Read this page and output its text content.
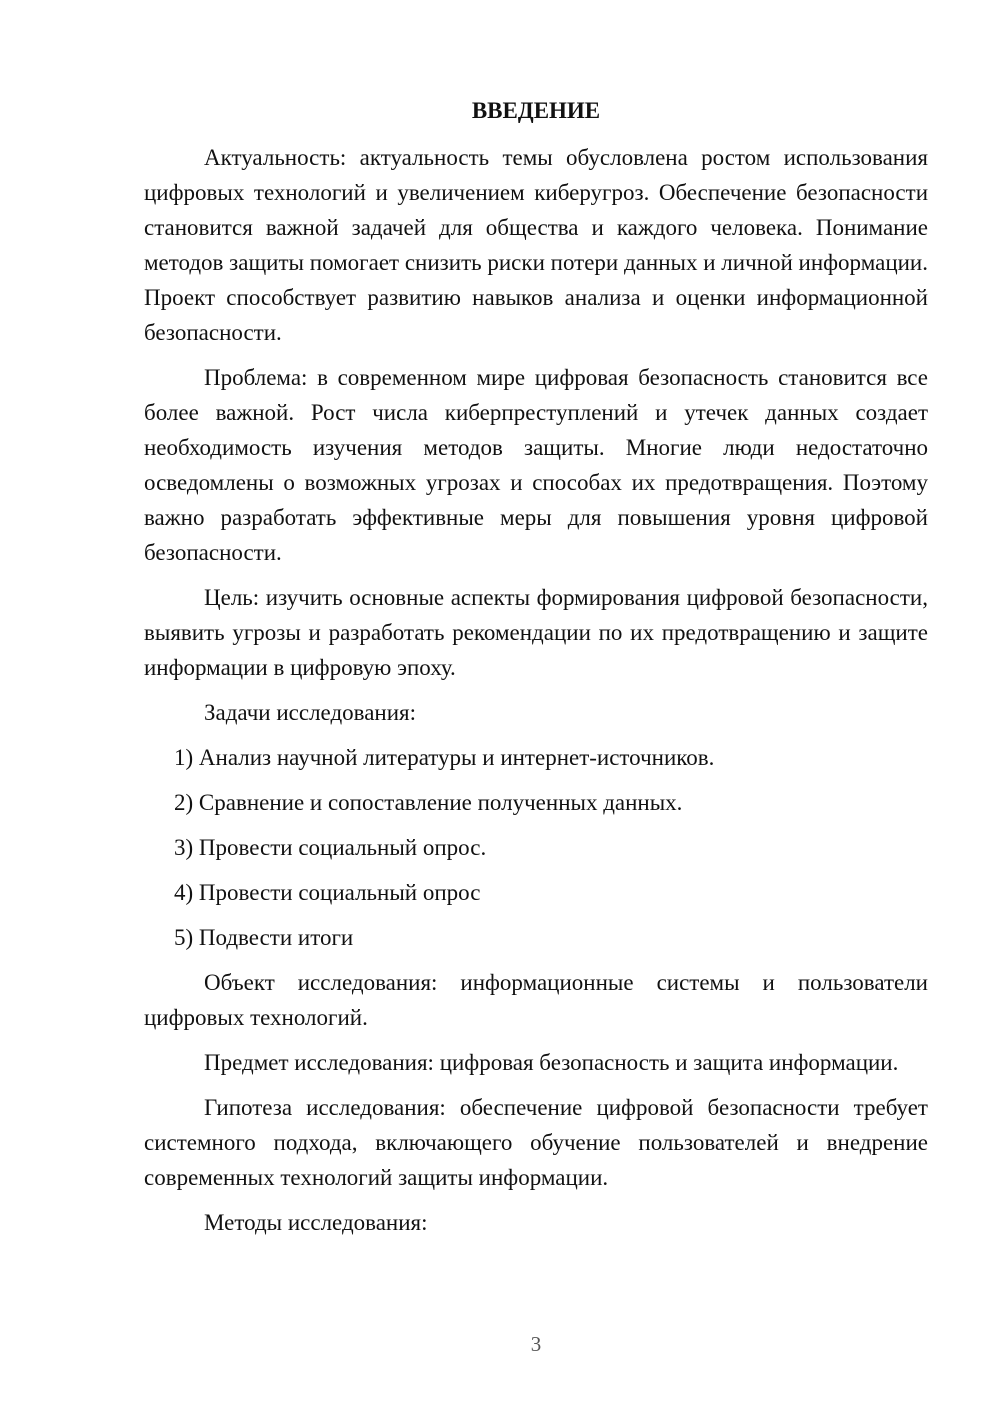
ВВЕДЕНИЕ

Актуальность: актуальность темы обусловлена ростом использования цифровых технологий и увеличением киберугроз. Обеспечение безопасности становится важной задачей для общества и каждого человека. Понимание методов защиты помогает снизить риски потери данных и личной информации. Проект способствует развитию навыков анализа и оценки информационной безопасности.

Проблема: в современном мире цифровая безопасность становится все более важной. Рост числа киберпреступлений и утечек данных создает необходимость изучения методов защиты. Многие люди недостаточно осведомлены о возможных угрозах и способах их предотвращения. Поэтому важно разработать эффективные меры для повышения уровня цифровой безопасности.

Цель: изучить основные аспекты формирования цифровой безопасности, выявить угрозы и разработать рекомендации по их предотвращению и защите информации в цифровую эпоху.

Задачи исследования:

1) Анализ научной литературы и интернет-источников.
2) Сравнение и сопоставление полученных данных.
3) Провести социальный опрос.
4) Провести социальный опрос
5) Подвести итоги

Объект исследования: информационные системы и пользователи цифровых технологий.

Предмет исследования: цифровая безопасность и защита информации.

Гипотеза исследования: обеспечение цифровой безопасности требует системного подхода, включающего обучение пользователей и внедрение современных технологий защиты информации.

Методы исследования:

3
